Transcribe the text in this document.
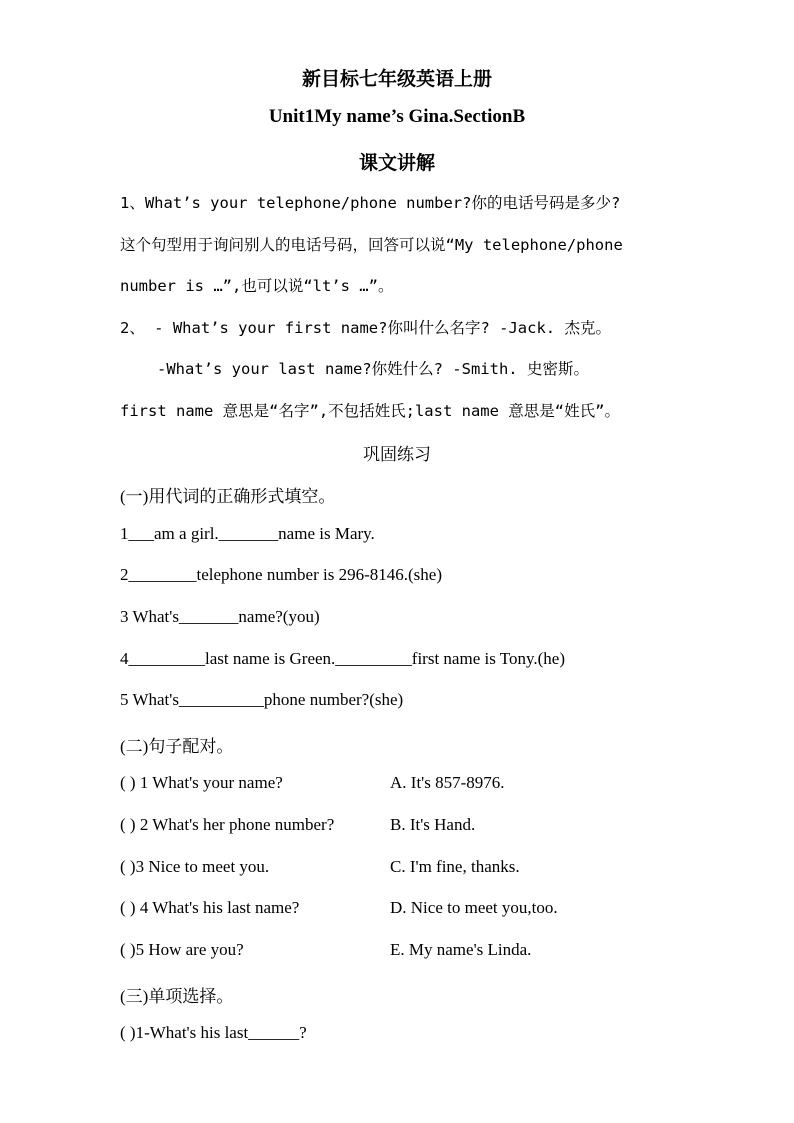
新目标七年级英语上册
Unit1My name’s Gina.SectionB
课文讲解
1、What’s your telephone/phone number?你的电话号码是多少?
这个句型用于询问别人的电话号码，回答可以说“My telephone/phone
number is …”,也可以说“lt’s …”。
2、 - What’s your first name?你叫什么名字? -Jack. 杰克。
-What’s your last name?你姓什么? -Smith. 史密斯。
first name 意思是“名字”,不包括姓氏;last name 意思是“姓氏”。
巩固练习
(一)用代词的正确形式填空。
1___am a girl._______name is Mary.
2________telephone number is 296-8146.(she)
3 What's_______name?(you)
4_________last name is Green._________first name is Tony.(he)
5 What's__________phone number?(she)
(二)句子配对。
( ) 1 What's your name?	A. It's 857-8976.
( ) 2 What's her phone number?	B. It's Hand.
( )3 Nice to meet you.	C. I'm fine, thanks.
( ) 4 What's his last name?	D. Nice to meet you,too.
( )5 How are you?	E. My name's Linda.
(三)单项选择。
( )1-What's his last______?
